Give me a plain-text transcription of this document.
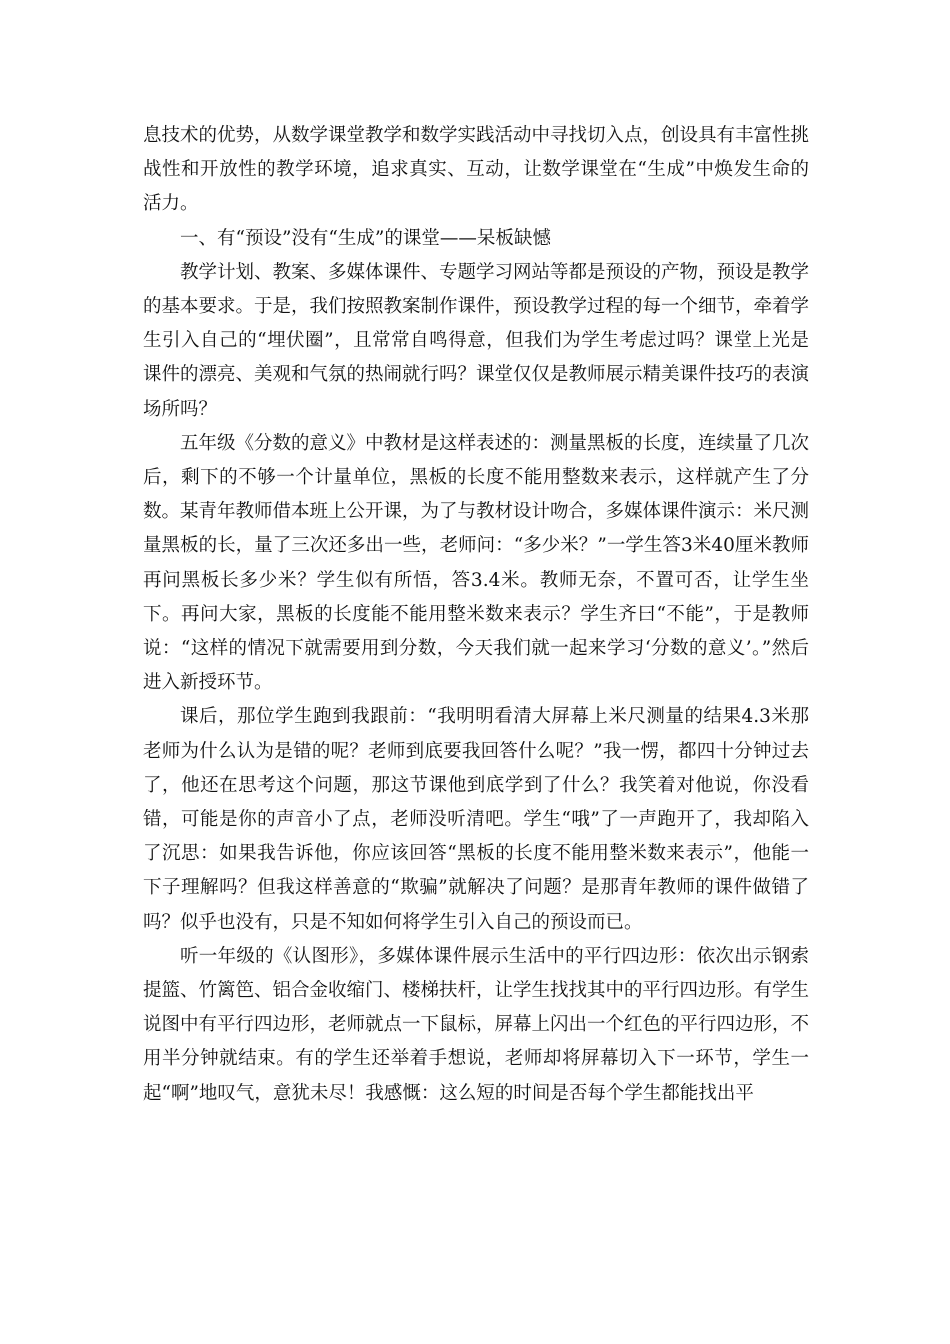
息技术的优势，从数学课堂教学和数学实践活动中寻找切入点，创设具有丰富性挑战性和开放性的教学环境，追求真实、互动，让数学课堂在“生成”中焕发生命的活力。

一、有“预设”没有“生成”的课堂——呆板缺憾

教学计划、教案、多媒体课件、专题学习网站等都是预设的产物，预设是教学的基本要求。于是，我们按照教案制作课件，预设教学过程的每一个细节，牵着学生引入自己的“埋伏圈”，且常常自鸣得意，但我们为学生考虑过吗？课堂上光是课件的漂亮、美观和气氛的热闹就行吗？课堂仅仅是教师展示精美课件技巧的表演场所吗？

五年级《分数的意义》中教材是这样表述的：测量黑板的长度，连续量了几次后，剩下的不够一个计量单位，黑板的长度不能用整数来表示，这样就产生了分数。某青年教师借本班上公开课，为了与教材设计吻合，多媒体课件演示：米尺测量黑板的长，量了三次还多出一些，老师问：“多少米？”一学生答3米40厘米教师再问黑板长多少米？学生似有所悟，答3.4米。教师无奈，不置可否，让学生坐下。再问大家，黑板的长度能不能用整米数来表示？学生齐曰“不能”，于是教师说：“这样的情况下就需要用到分数，今天我们就一起来学习‘分数的意义’。”然后进入新授环节。

课后，那位学生跑到我跟前：“我明明看清大屏幕上米尺测量的结果4.3米那老师为什么认为是错的呢？老师到底要我回答什么呢？”我一愣，都四十分钟过去了，他还在思考这个问题，那这节课他到底学到了什么？我笑着对他说，你没看错，可能是你的声音小了点，老师没听清吧。学生“哦”了一声跑开了，我却陷入了沉思：如果我告诉他，你应该回答“黑板的长度不能用整米数来表示”，他能一下子理解吗？但我这样善意的“欺骗”就解决了问题？是那青年教师的课件做错了吗？似乎也没有，只是不知如何将学生引入自己的预设而已。

听一年级的《认图形》，多媒体课件展示生活中的平行四边形：依次出示钢索提篮、竹篱笆、铝合金收缩门、楼梯扶杆，让学生找找其中的平行四边形。有学生说图中有平行四边形，老师就点一下鼠标，屏幕上闪出一个红色的平行四边形，不用半分钟就结束。有的学生还举着手想说，老师却将屏幕切入下一环节，学生一起“啊”地叹气，意犹未尽！我感慨：这么短的时间是否每个学生都能找出平
